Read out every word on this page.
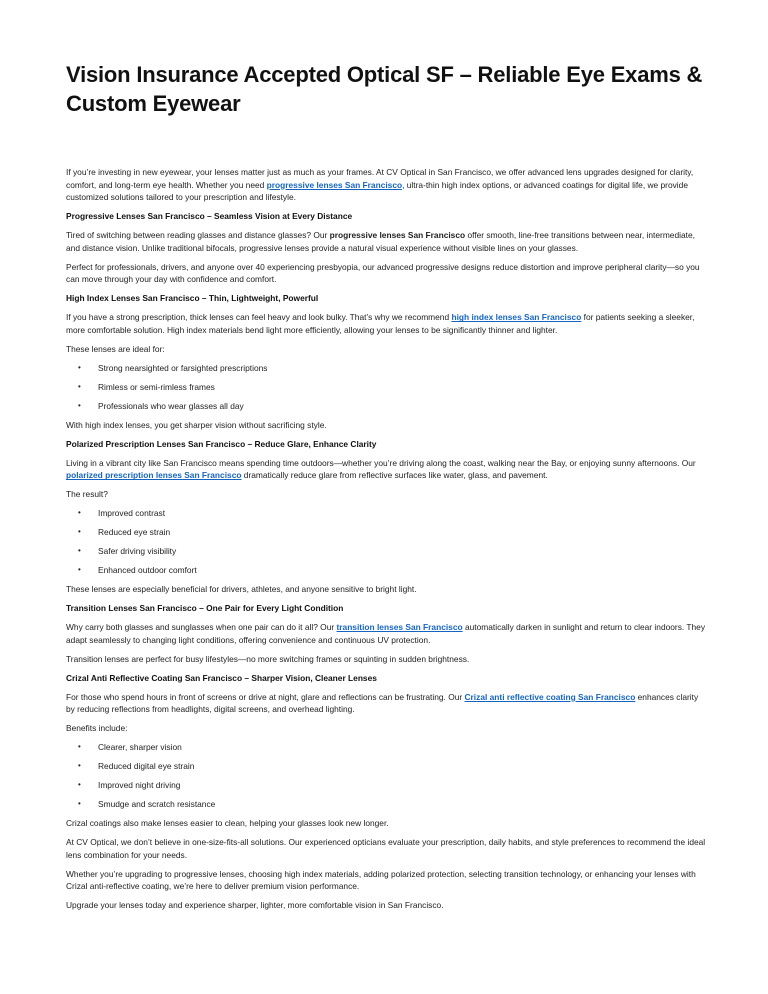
Vision Insurance Accepted Optical SF – Reliable Eye Exams & Custom Eyewear

If you’re investing in new eyewear, your lenses matter just as much as your frames. At CV Optical in San Francisco, we offer advanced lens upgrades designed for clarity, comfort, and long-term eye health. Whether you need progressive lenses San Francisco, ultra-thin high index options, or advanced coatings for digital life, we provide customized solutions tailored to your prescription and lifestyle.

Progressive Lenses San Francisco – Seamless Vision at Every Distance

Tired of switching between reading glasses and distance glasses? Our progressive lenses San Francisco offer smooth, line-free transitions between near, intermediate, and distance vision. Unlike traditional bifocals, progressive lenses provide a natural visual experience without visible lines on your glasses.

Perfect for professionals, drivers, and anyone over 40 experiencing presbyopia, our advanced progressive designs reduce distortion and improve peripheral clarity—so you can move through your day with confidence and comfort.

High Index Lenses San Francisco – Thin, Lightweight, Powerful

If you have a strong prescription, thick lenses can feel heavy and look bulky. That’s why we recommend high index lenses San Francisco for patients seeking a sleeker, more comfortable solution. High index materials bend light more efficiently, allowing your lenses to be significantly thinner and lighter.

These lenses are ideal for:

• Strong nearsighted or farsighted prescriptions
• Rimless or semi-rimless frames
• Professionals who wear glasses all day

With high index lenses, you get sharper vision without sacrificing style.

Polarized Prescription Lenses San Francisco – Reduce Glare, Enhance Clarity

Living in a vibrant city like San Francisco means spending time outdoors—whether you’re driving along the coast, walking near the Bay, or enjoying sunny afternoons. Our polarized prescription lenses San Francisco dramatically reduce glare from reflective surfaces like water, glass, and pavement.

The result?

• Improved contrast
• Reduced eye strain
• Safer driving visibility
• Enhanced outdoor comfort

These lenses are especially beneficial for drivers, athletes, and anyone sensitive to bright light.

Transition Lenses San Francisco – One Pair for Every Light Condition

Why carry both glasses and sunglasses when one pair can do it all? Our transition lenses San Francisco automatically darken in sunlight and return to clear indoors. They adapt seamlessly to changing light conditions, offering convenience and continuous UV protection.

Transition lenses are perfect for busy lifestyles—no more switching frames or squinting in sudden brightness.

Crizal Anti Reflective Coating San Francisco – Sharper Vision, Cleaner Lenses

For those who spend hours in front of screens or drive at night, glare and reflections can be frustrating. Our Crizal anti reflective coating San Francisco enhances clarity by reducing reflections from headlights, digital screens, and overhead lighting.

Benefits include:

• Clearer, sharper vision
• Reduced digital eye strain
• Improved night driving
• Smudge and scratch resistance

Crizal coatings also make lenses easier to clean, helping your glasses look new longer.

At CV Optical, we don’t believe in one-size-fits-all solutions. Our experienced opticians evaluate your prescription, daily habits, and style preferences to recommend the ideal lens combination for your needs.

Whether you’re upgrading to progressive lenses, choosing high index materials, adding polarized protection, selecting transition technology, or enhancing your lenses with Crizal anti-reflective coating, we’re here to deliver premium vision performance.

Upgrade your lenses today and experience sharper, lighter, more comfortable vision in San Francisco.
